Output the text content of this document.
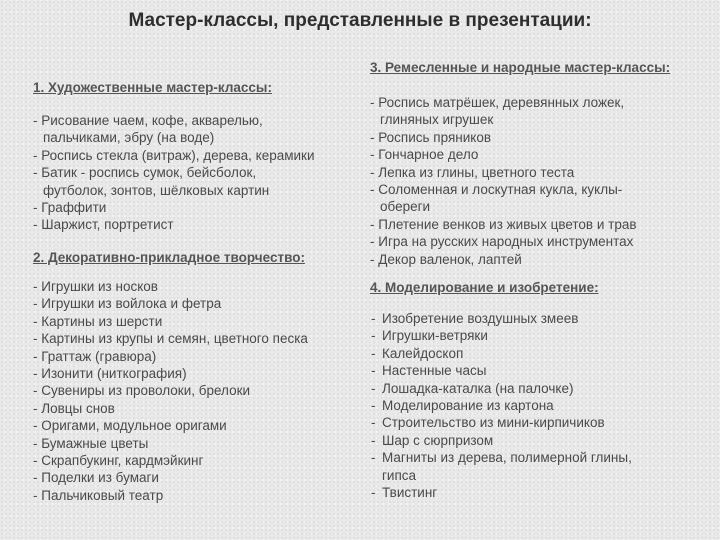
Мастер-классы, представленные в презентации:
1. Художественные мастер-классы:
- Рисование чаем, кофе, акварелью,
пальчиками, эбру (на воде)
- Роспись стекла (витраж), дерева, керамики
- Батик - роспись сумок, бейсболок,
футболок, зонтов, шёлковых картин
- Граффити
- Шаржист, портретист
2. Декоративно-прикладное творчество:
- Игрушки из носков
- Игрушки из войлока и фетра
- Картины из шерсти
- Картины из крупы и семян, цветного песка
- Граттаж (гравюра)
- Изонити (ниткография)
- Сувениры из проволоки, брелоки
- Ловцы снов
- Оригами, модульное оригами
- Бумажные цветы
- Скрапбукинг, кардмэйкинг
- Поделки из бумаги
- Пальчиковый театр
3. Ремесленные и народные мастер-классы:
- Роспись матрёшек, деревянных ложек,
глиняных игрушек
- Роспись пряников
- Гончарное дело
- Лепка из глины, цветного теста
- Соломенная и лоскутная кукла, куклы-
обереги
- Плетение венков из живых цветов и трав
- Игра на русских народных инструментах
- Декор валенок, лаптей
4. Моделирование и изобретение:
- Изобретение воздушных змеев
- Игрушки-ветряки
- Калейдоскоп
- Настенные часы
- Лошадка-каталка (на палочке)
- Моделирование из картона
- Строительство из мини-кирпичиков
- Шар с сюрпризом
- Магниты из дерева, полимерной глины,
гипса
- Твистинг
